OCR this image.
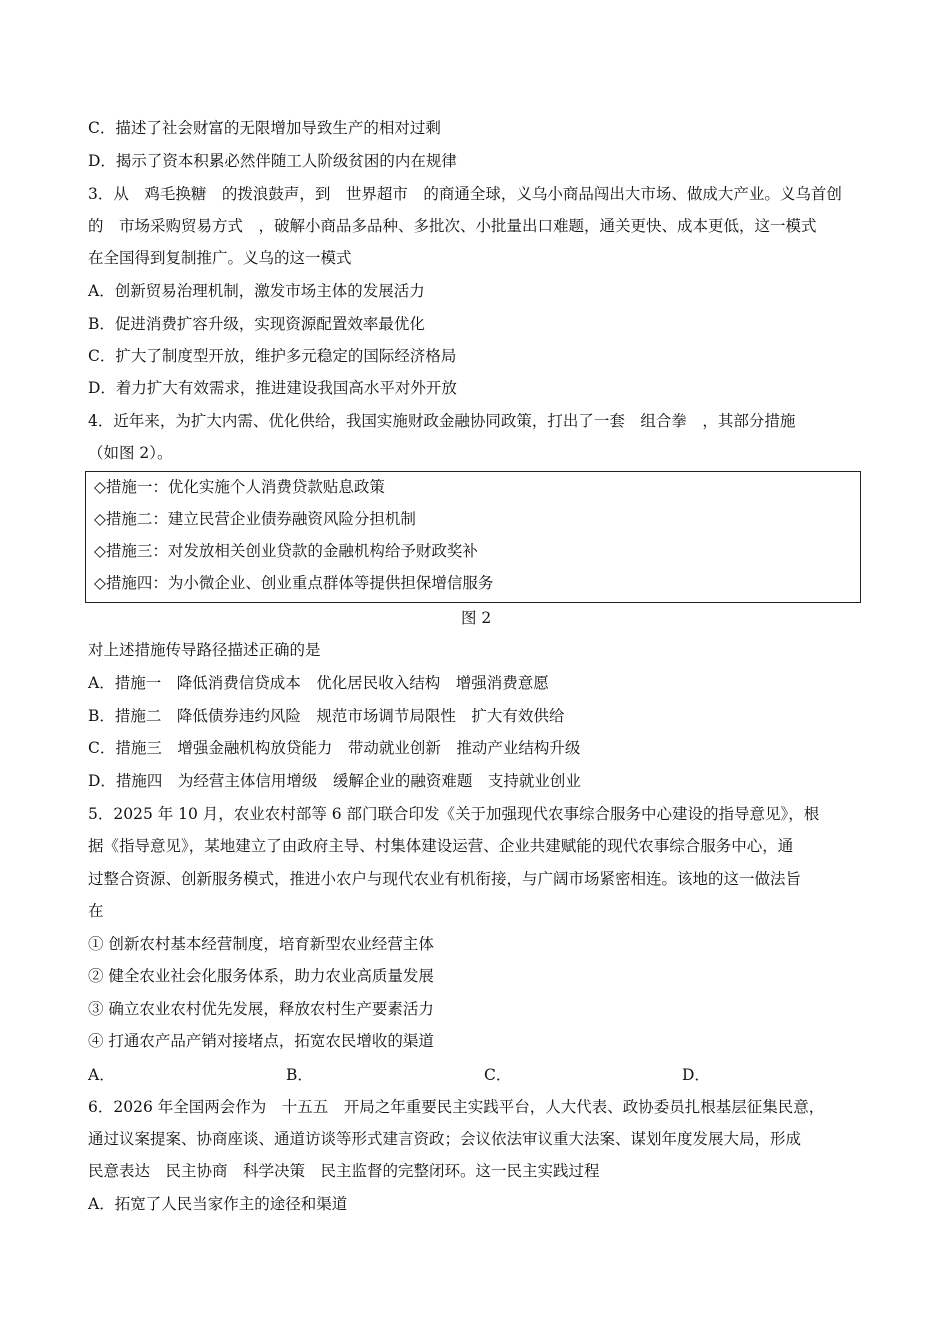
C．描述了社会财富的无限增加导致生产的相对过剩
D．揭示了资本积累必然伴随工人阶级贫困的内在规律
3．从　鸡毛换糖　的拨浪鼓声，到　世界超市　的商通全球，义乌小商品闯出大市场、做成大产业。义乌首创
的　市场采购贸易方式　，破解小商品多品种、多批次、小批量出口难题，通关更快、成本更低，这一模式
在全国得到复制推广。义乌的这一模式
A．创新贸易治理机制，激发市场主体的发展活力
B．促进消费扩容升级，实现资源配置效率最优化
C．扩大了制度型开放，维护多元稳定的国际经济格局
D．着力扩大有效需求，推进建设我国高水平对外开放
4．近年来，为扩大内需、优化供给，我国实施财政金融协同政策，打出了一套　组合拳　，其部分措施
（如图 2）。
◇措施一：优化实施个人消费贷款贴息政策
◇措施二：建立民营企业债券融资风险分担机制
◇措施三：对发放相关创业贷款的金融机构给予财政奖补
◇措施四：为小微企业、创业重点群体等提供担保增信服务
图 2
对上述措施传导路径描述正确的是
A．措施一　降低消费信贷成本　优化居民收入结构　增强消费意愿
B．措施二　降低债券违约风险　规范市场调节局限性　扩大有效供给
C．措施三　增强金融机构放贷能力　带动就业创新　推动产业结构升级
D．措施四　为经营主体信用增级　缓解企业的融资难题　支持就业创业
5．2025 年 10 月，农业农村部等 6 部门联合印发《关于加强现代农事综合服务中心建设的指导意见》，根
据《指导意见》，某地建立了由政府主导、村集体建设运营、企业共建赋能的现代农事综合服务中心，通
过整合资源、创新服务模式，推进小农户与现代农业有机衔接，与广阔市场紧密相连。该地的这一做法旨
在
① 创新农村基本经营制度，培育新型农业经营主体
② 健全农业社会化服务体系，助力农业高质量发展
③ 确立农业农村优先发展，释放农村生产要素活力
④ 打通农产品产销对接堵点，拓宽农民增收的渠道
A．	B．	C．	D．
6．2026 年全国两会作为　十五五　开局之年重要民主实践平台，人大代表、政协委员扎根基层征集民意，
通过议案提案、协商座谈、通道访谈等形式建言资政；会议依法审议重大法案、谋划年度发展大局，形成
民意表达　民主协商　科学决策　民主监督的完整闭环。这一民主实践过程
A．拓宽了人民当家作主的途径和渠道
